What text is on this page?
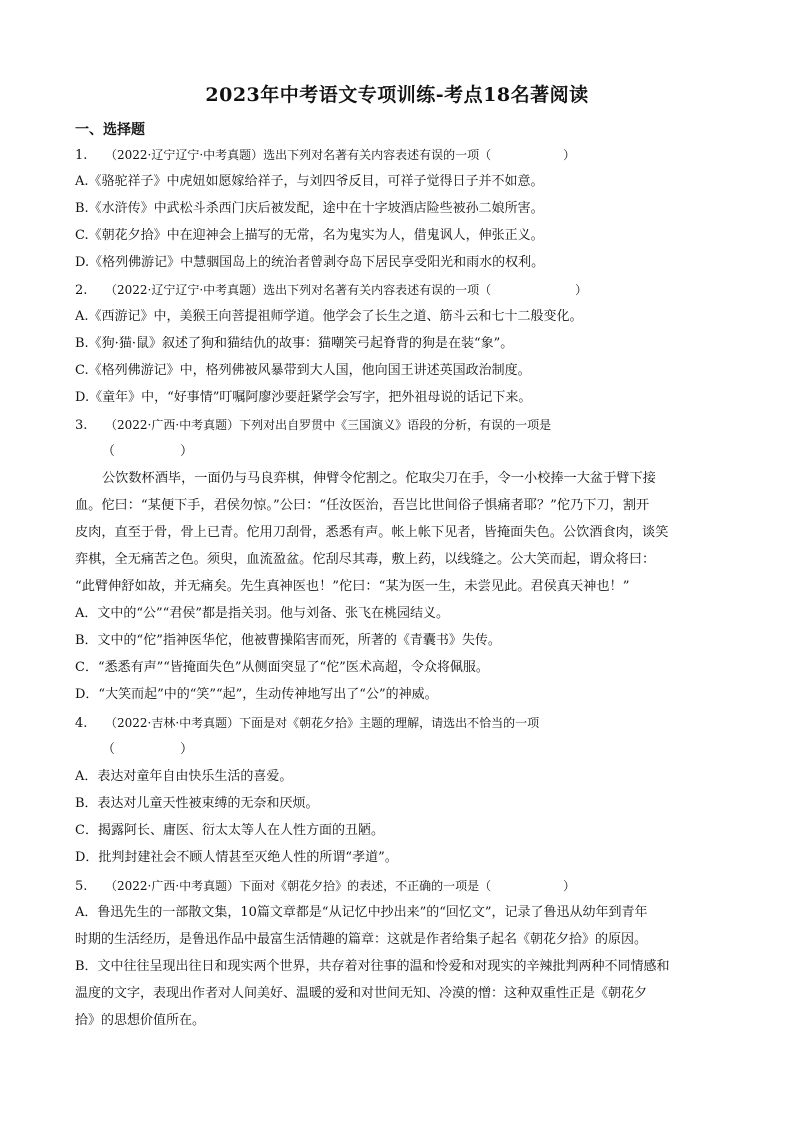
2023年中考语文专项训练-考点18名著阅读
一、选择题
1. （2022·辽宁辽宁·中考真题）选出下列对名著有关内容表述有误的一项（　　　　　　）
A.《骆驼祥子》中虎妞如愿嫁给祥子，与刘四爷反目，可祥子觉得日子并不如意。
B.《水浒传》中武松斗杀西门庆后被发配，途中在十字坡酒店险些被孙二娘所害。
C.《朝花夕拾》中在迎神会上描写的无常，名为鬼实为人，借鬼讽人，伸张正义。
D.《格列佛游记》中慧骃国岛上的统治者曾剥夺岛下居民享受阳光和雨水的权利。
2. （2022·辽宁辽宁·中考真题）选出下列对名著有关内容表述有误的一项（　　　　　　　）
A.《西游记》中，美猴王向菩提祖师学道。他学会了长生之道、筋斗云和七十二般变化。
B.《狗·猫·鼠》叙述了狗和猫结仇的故事：猫嘲笑弓起脊背的狗是在装“象”。
C.《格列佛游记》中，格列佛被风暴带到大人国，他向国王讲述英国政治制度。
D.《童年》中，“好事情”叮嘱阿廖沙要赶紧学会写字，把外祖母说的话记下来。
3. （2022·广西·中考真题）下列对出自罗贯中《三国演义》语段的分析，有误的一项是
（　　　　　）
公饮数杯酒毕，一面仍与马良弈棋，伸臂令佗割之。佗取尖刀在手，令一小校捧一大盆于臂下接
血。佗曰：“某便下手，君侯勿惊。”公曰：“任汝医治，吾岂比世间俗子惧痛者耶？”佗乃下刀，割开
皮肉，直至于骨，骨上已青。佗用刀刮骨，悉悉有声。帐上帐下见者，皆掩面失色。公饮酒食肉，谈笑
弈棋，全无痛苦之色。须臾，血流盈盆。佗刮尽其毒，敷上药，以线缝之。公大笑而起，谓众将曰：
“此臂伸舒如故，并无痛矣。先生真神医也！”佗曰：“某为医一生，未尝见此。君侯真天神也！”
A．文中的“公”“君侯”都是指关羽。他与刘备、张飞在桃园结义。
B．文中的“佗”指神医华佗，他被曹操陷害而死，所著的《青囊书》失传。
C．“悉悉有声”“皆掩面失色”从侧面突显了“佗”医术高超，令众将佩服。
D．“大笑而起”中的“笑”“起”，生动传神地写出了“公”的神威。
4. （2022·吉林·中考真题）下面是对《朝花夕拾》主题的理解，请选出不恰当的一项
（　　　　　）
A．表达对童年自由快乐生活的喜爱。
B．表达对儿童天性被束缚的无奈和厌烦。
C．揭露阿长、庸医、衍太太等人在人性方面的丑陋。
D．批判封建社会不顾人情甚至灭绝人性的所谓“孝道”。
5. （2022·广西·中考真题）下面对《朝花夕拾》的表述，不正确的一项是（　　　　　　）
A．鲁迅先生的一部散文集，10篇文章都是“从记忆中抄出来”的“回忆文”，记录了鲁迅从幼年到青年
时期的生活经历，是鲁迅作品中最富生活情趣的篇章：这就是作者给集子起名《朝花夕拾》的原因。
B．文中往往呈现出往日和现实两个世界，共存着对往事的温和怜爱和对现实的辛辣批判两种不同情感和
温度的文字，表现出作者对人间美好、温暖的爱和对世间无知、冷漠的憎：这种双重性正是《朝花夕
拾》的思想价值所在。
